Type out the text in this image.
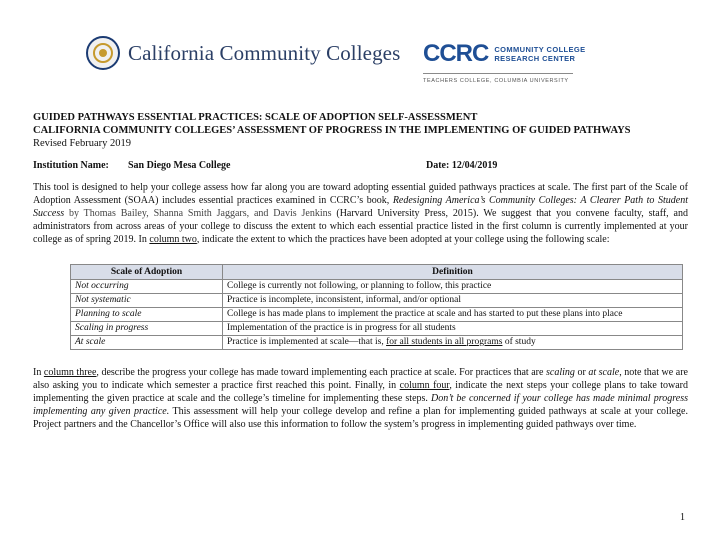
California Community Colleges CCRC COMMUNITY COLLEGE
RESEARCH CENTER
TEACHERS COLLEGE, COLUMBIA UNIVERSITY
GUIDED PATHWAYS ESSENTIAL PRACTICES: SCALE OF ADOPTION SELF-ASSESSMENT
CALIFORNIA COMMUNITY COLLEGES’ ASSESSMENT OF PROGRESS IN THE IMPLEMENTING OF GUIDED PATHWAYS
Revised February 2019
Institution Name: San Diego Mesa College	Date: 12/04/2019
This tool is designed to help your college assess how far along you are toward adopting essential guided pathways practices at scale. The first part of the Scale of Adoption Assessment (SOAA) includes essential practices examined in CCRC’s book, Redesigning America’s Community Colleges: A Clearer Path to Student Success by Thomas Bailey, Shanna Smith Jaggars, and Davis Jenkins (Harvard University Press, 2015). We suggest that you convene faculty, staff, and administrators from across areas of your college to discuss the extent to which each essential practice listed in the first column is currently implemented at your college as of spring 2019. In column two, indicate the extent to which the practices have been adopted at your college using the following scale:
Scale of Adoption	Definition
Not occurring	College is currently not following, or planning to follow, this practice
Not systematic	Practice is incomplete, inconsistent, informal, and/or optional
Planning to scale	College is has made plans to implement the practice at scale and has started to put these plans into place
Scaling in progress	Implementation of the practice is in progress for all students
At scale	Practice is implemented at scale—that is, for all students in all programs of study
In column three, describe the progress your college has made toward implementing each practice at scale. For practices that are scaling or at scale, note that we are also asking you to indicate which semester a practice first reached this point. Finally, in column four, indicate the next steps your college plans to take toward implementing the given practice at scale and the college’s timeline for implementing these steps. Don’t be concerned if your college has made minimal progress implementing any given practice. This assessment will help your college develop and refine a plan for implementing guided pathways at scale at your college. Project partners and the Chancellor’s Office will also use this information to follow the system’s progress in implementing guided pathways over time.
1
